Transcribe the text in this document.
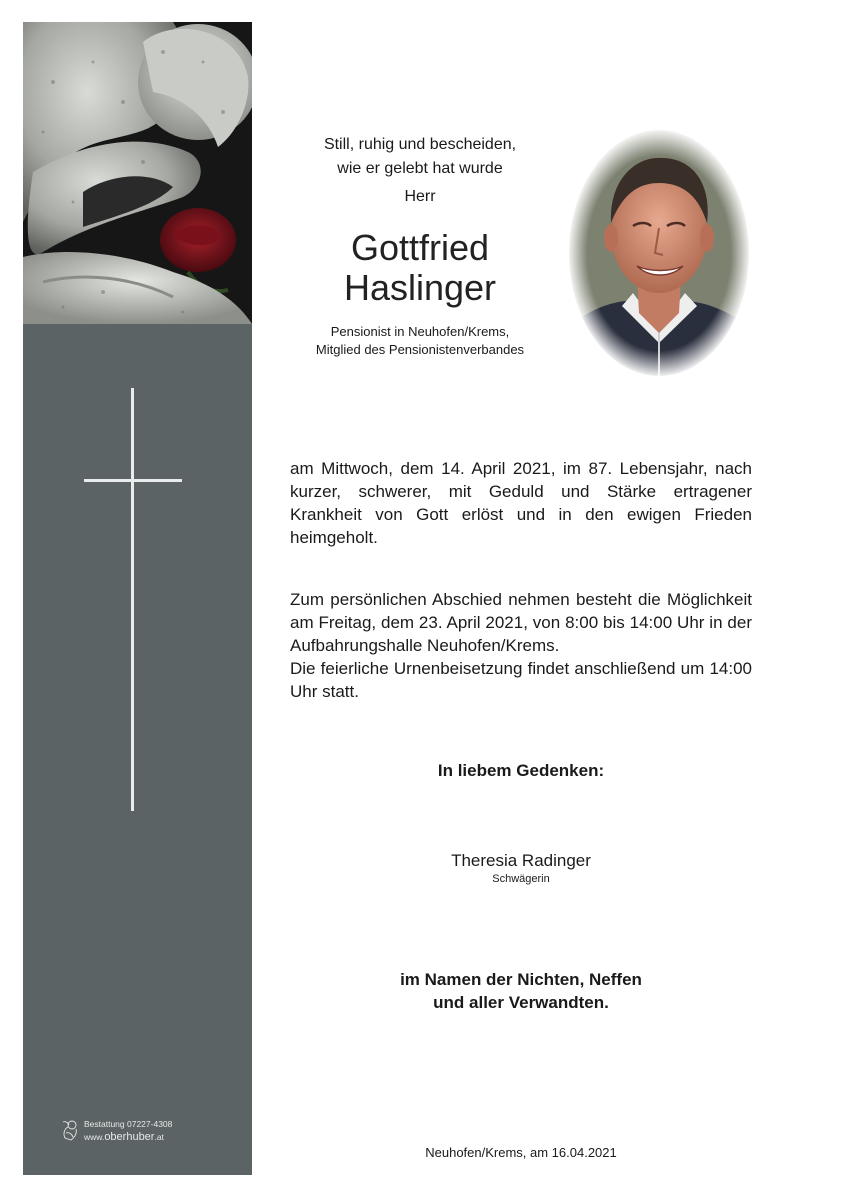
Bestattung 07227-4308
www.oberhuber.at
Still, ruhig und bescheiden,
wie er gelebt hat wurde
Herr
Gottfried
Haslinger
Pensionist in Neuhofen/Krems,
Mitglied des Pensionistenverbandes
am Mittwoch, dem 14. April 2021, im 87. Lebensjahr, nach kurzer, schwerer, mit Geduld und Stärke ertragener Krankheit von Gott erlöst und in den ewigen Frieden heimgeholt.
Zum persönlichen Abschied nehmen besteht die Möglichkeit am Freitag, dem 23. April 2021, von 8:00 bis 14:00 Uhr in der Aufbahrungshalle Neuhofen/Krems.
Die feierliche Urnenbeisetzung findet anschließend um 14:00 Uhr statt.
In liebem Gedenken:
Theresia Radinger
Schwägerin
im Namen der Nichten, Neffen
und aller Verwandten.
Neuhofen/Krems, am 16.04.2021
